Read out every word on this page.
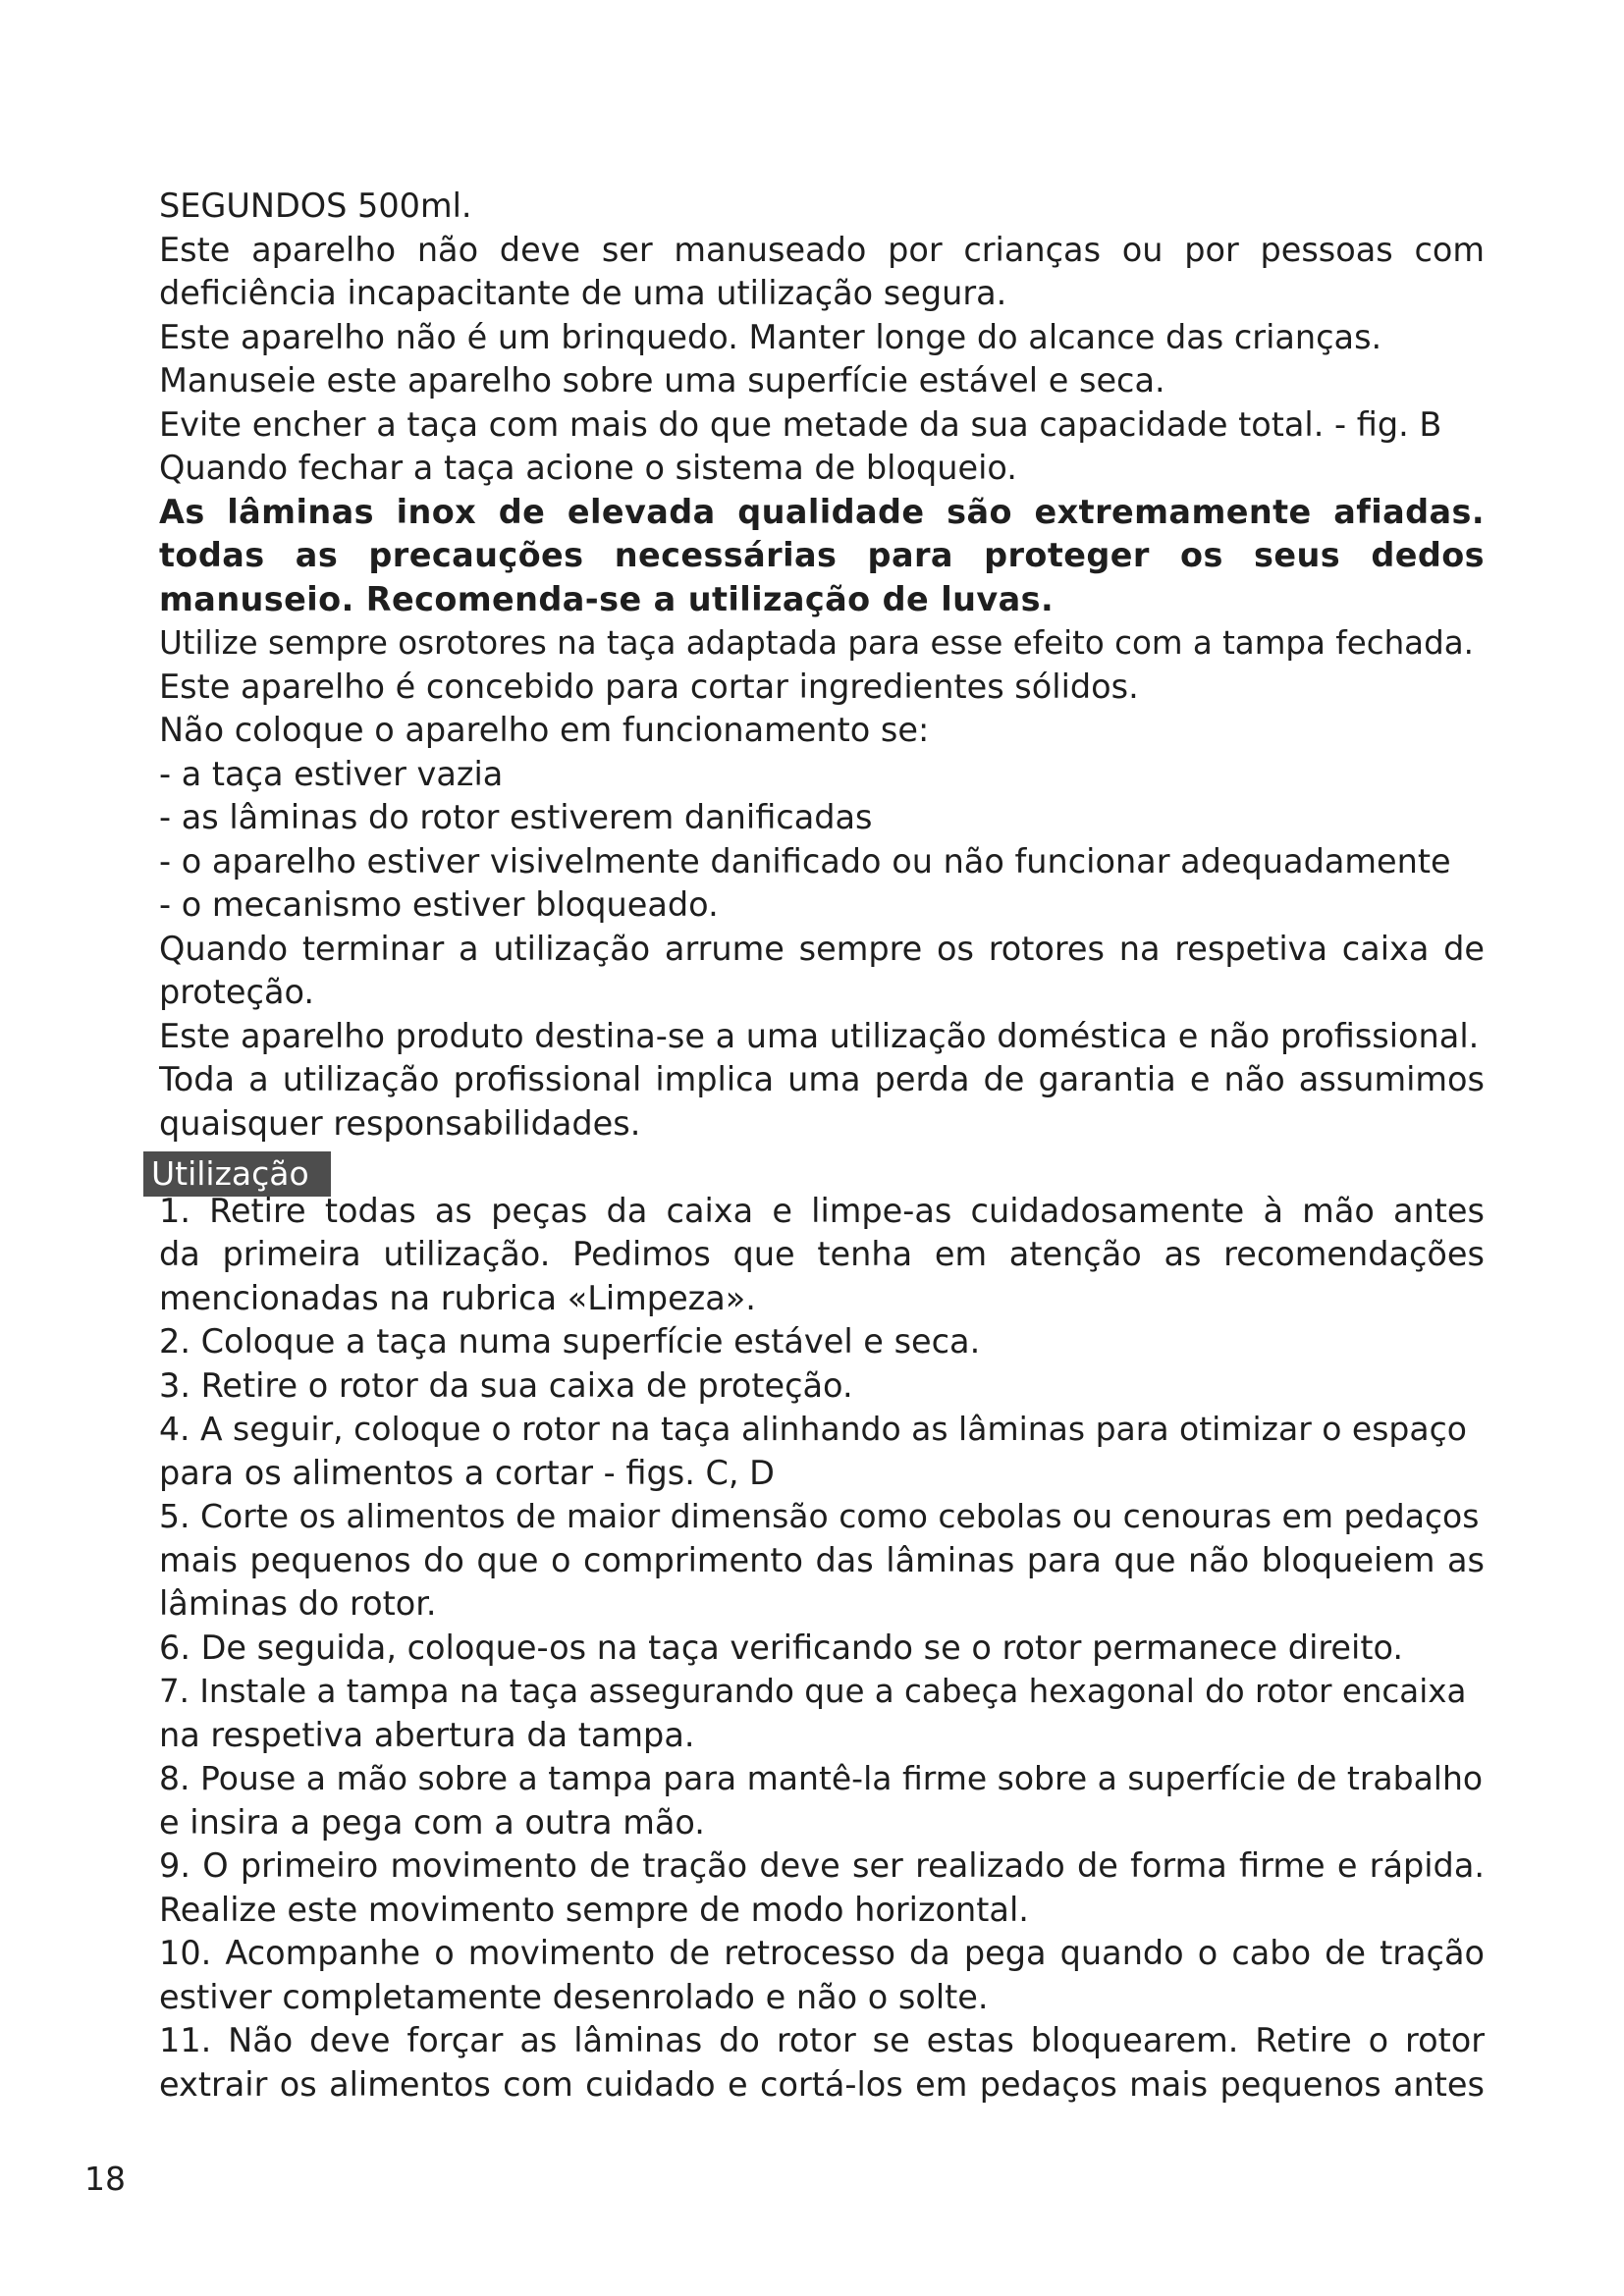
SEGUNDOS 500ml.
Este aparelho não deve ser manuseado por crianças ou por pessoas com
deficiência incapacitante de uma utilização segura.
Este aparelho não é um brinquedo. Manter longe do alcance das crianças.
Manuseie este aparelho sobre uma superfície estável e seca.
Evite encher a taça com mais do que metade da sua capacidade total. - fig. B
Quando fechar a taça acione o sistema de bloqueio.
As lâminas inox de elevada qualidade são extremamente afiadas.
todas as precauções necessárias para proteger os seus dedos
manuseio. Recomenda-se a utilização de luvas.
Utilize sempre osrotores na taça adaptada para esse efeito com a tampa fechada.
Este aparelho é concebido para cortar ingredientes sólidos.
Não coloque o aparelho em funcionamento se:
- a taça estiver vazia
- as lâminas do rotor estiverem danificadas
- o aparelho estiver visivelmente danificado ou não funcionar adequadamente
- o mecanismo estiver bloqueado.
Quando terminar a utilização arrume sempre os rotores na respetiva caixa de
proteção.
Este aparelho produto destina-se a uma utilização doméstica e não profissional.
Toda a utilização profissional implica uma perda de garantia e não assumimos
quaisquer responsabilidades.
Utilização
1. Retire todas as peças da caixa e limpe-as cuidadosamente à mão antes
da primeira utilização. Pedimos que tenha em atenção as recomendações
mencionadas na rubrica «Limpeza».
2. Coloque a taça numa superfície estável e seca.
3. Retire o rotor da sua caixa de proteção.
4. A seguir, coloque o rotor na taça alinhando as lâminas para otimizar o espaço
para os alimentos a cortar - figs. C, D
5. Corte os alimentos de maior dimensão como cebolas ou cenouras em pedaços
mais pequenos do que o comprimento das lâminas para que não bloqueiem as
lâminas do rotor.
6. De seguida, coloque-os na taça verificando se o rotor permanece direito.
7. Instale a tampa na taça assegurando que a cabeça hexagonal do rotor encaixa
na respetiva abertura da tampa.
8. Pouse a mão sobre a tampa para mantê-la firme sobre a superfície de trabalho
e insira a pega com a outra mão.
9. O primeiro movimento de tração deve ser realizado de forma firme e rápida.
Realize este movimento sempre de modo horizontal.
10. Acompanhe o movimento de retrocesso da pega quando o cabo de tração
estiver completamente desenrolado e não o solte.
11. Não deve forçar as lâminas do rotor se estas bloquearem. Retire o rotor
extrair os alimentos com cuidado e cortá-los em pedaços mais pequenos antes
18
